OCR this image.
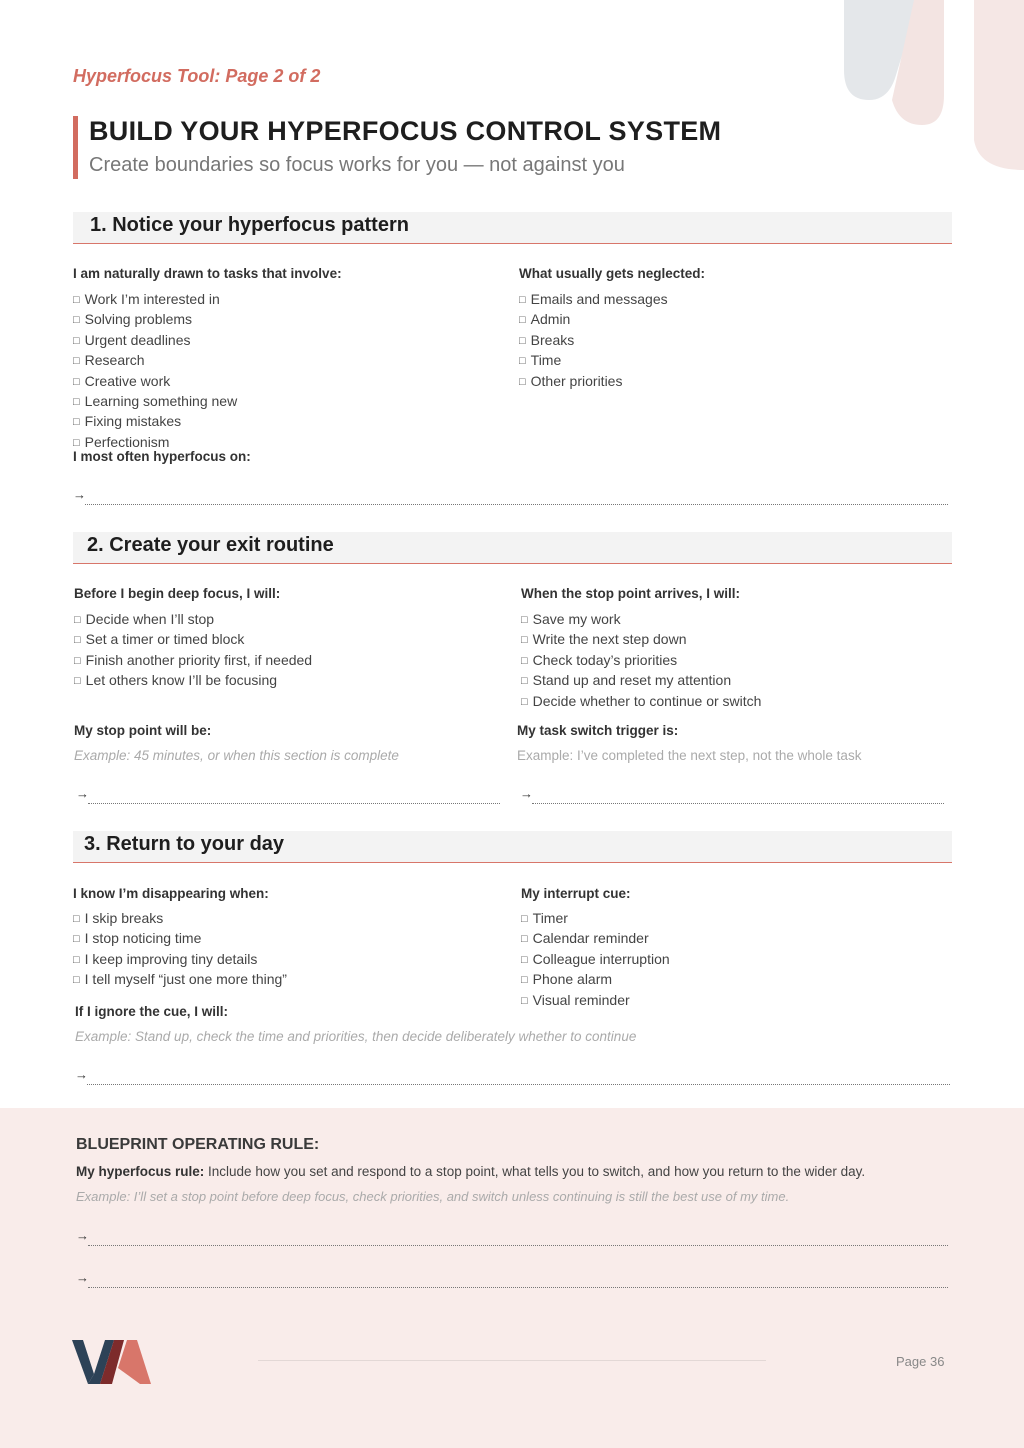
Hyperfocus Tool: Page 2 of 2
BUILD YOUR HYPERFOCUS CONTROL SYSTEM
Create boundaries so focus works for you — not against you
1. Notice your hyperfocus pattern
I am naturally drawn to tasks that involve:
□ Work I’m interested in
□ Solving problems
□ Urgent deadlines
□ Research
□ Creative work
□ Learning something new
□ Fixing mistakes
□ Perfectionism
What usually gets neglected:
□ Emails and messages
□ Admin
□ Breaks
□ Time
□ Other priorities
I most often hyperfocus on:
→
2. Create your exit routine
Before I begin deep focus, I will:
□ Decide when I’ll stop
□ Set a timer or timed block
□ Finish another priority first, if needed
□ Let others know I’ll be focusing
When the stop point arrives, I will:
□ Save my work
□ Write the next step down
□ Check today’s priorities
□ Stand up and reset my attention
□ Decide whether to continue or switch
My stop point will be:
Example: 45 minutes, or when this section is complete
→
My task switch trigger is:
Example: I’ve completed the next step, not the whole task
→
3. Return to your day
I know I’m disappearing when:
□ I skip breaks
□ I stop noticing time
□ I keep improving tiny details
□ I tell myself “just one more thing”
My interrupt cue:
□ Timer
□ Calendar reminder
□ Colleague interruption
□ Phone alarm
□ Visual reminder
If I ignore the cue, I will:
Example: Stand up, check the time and priorities, then decide deliberately whether to continue
→
BLUEPRINT OPERATING RULE:
My hyperfocus rule: Include how you set and respond to a stop point, what tells you to switch, and how you return to the wider day.
Example: I’ll set a stop point before deep focus, check priorities, and switch unless continuing is still the best use of my time.
→
→
Page 36
